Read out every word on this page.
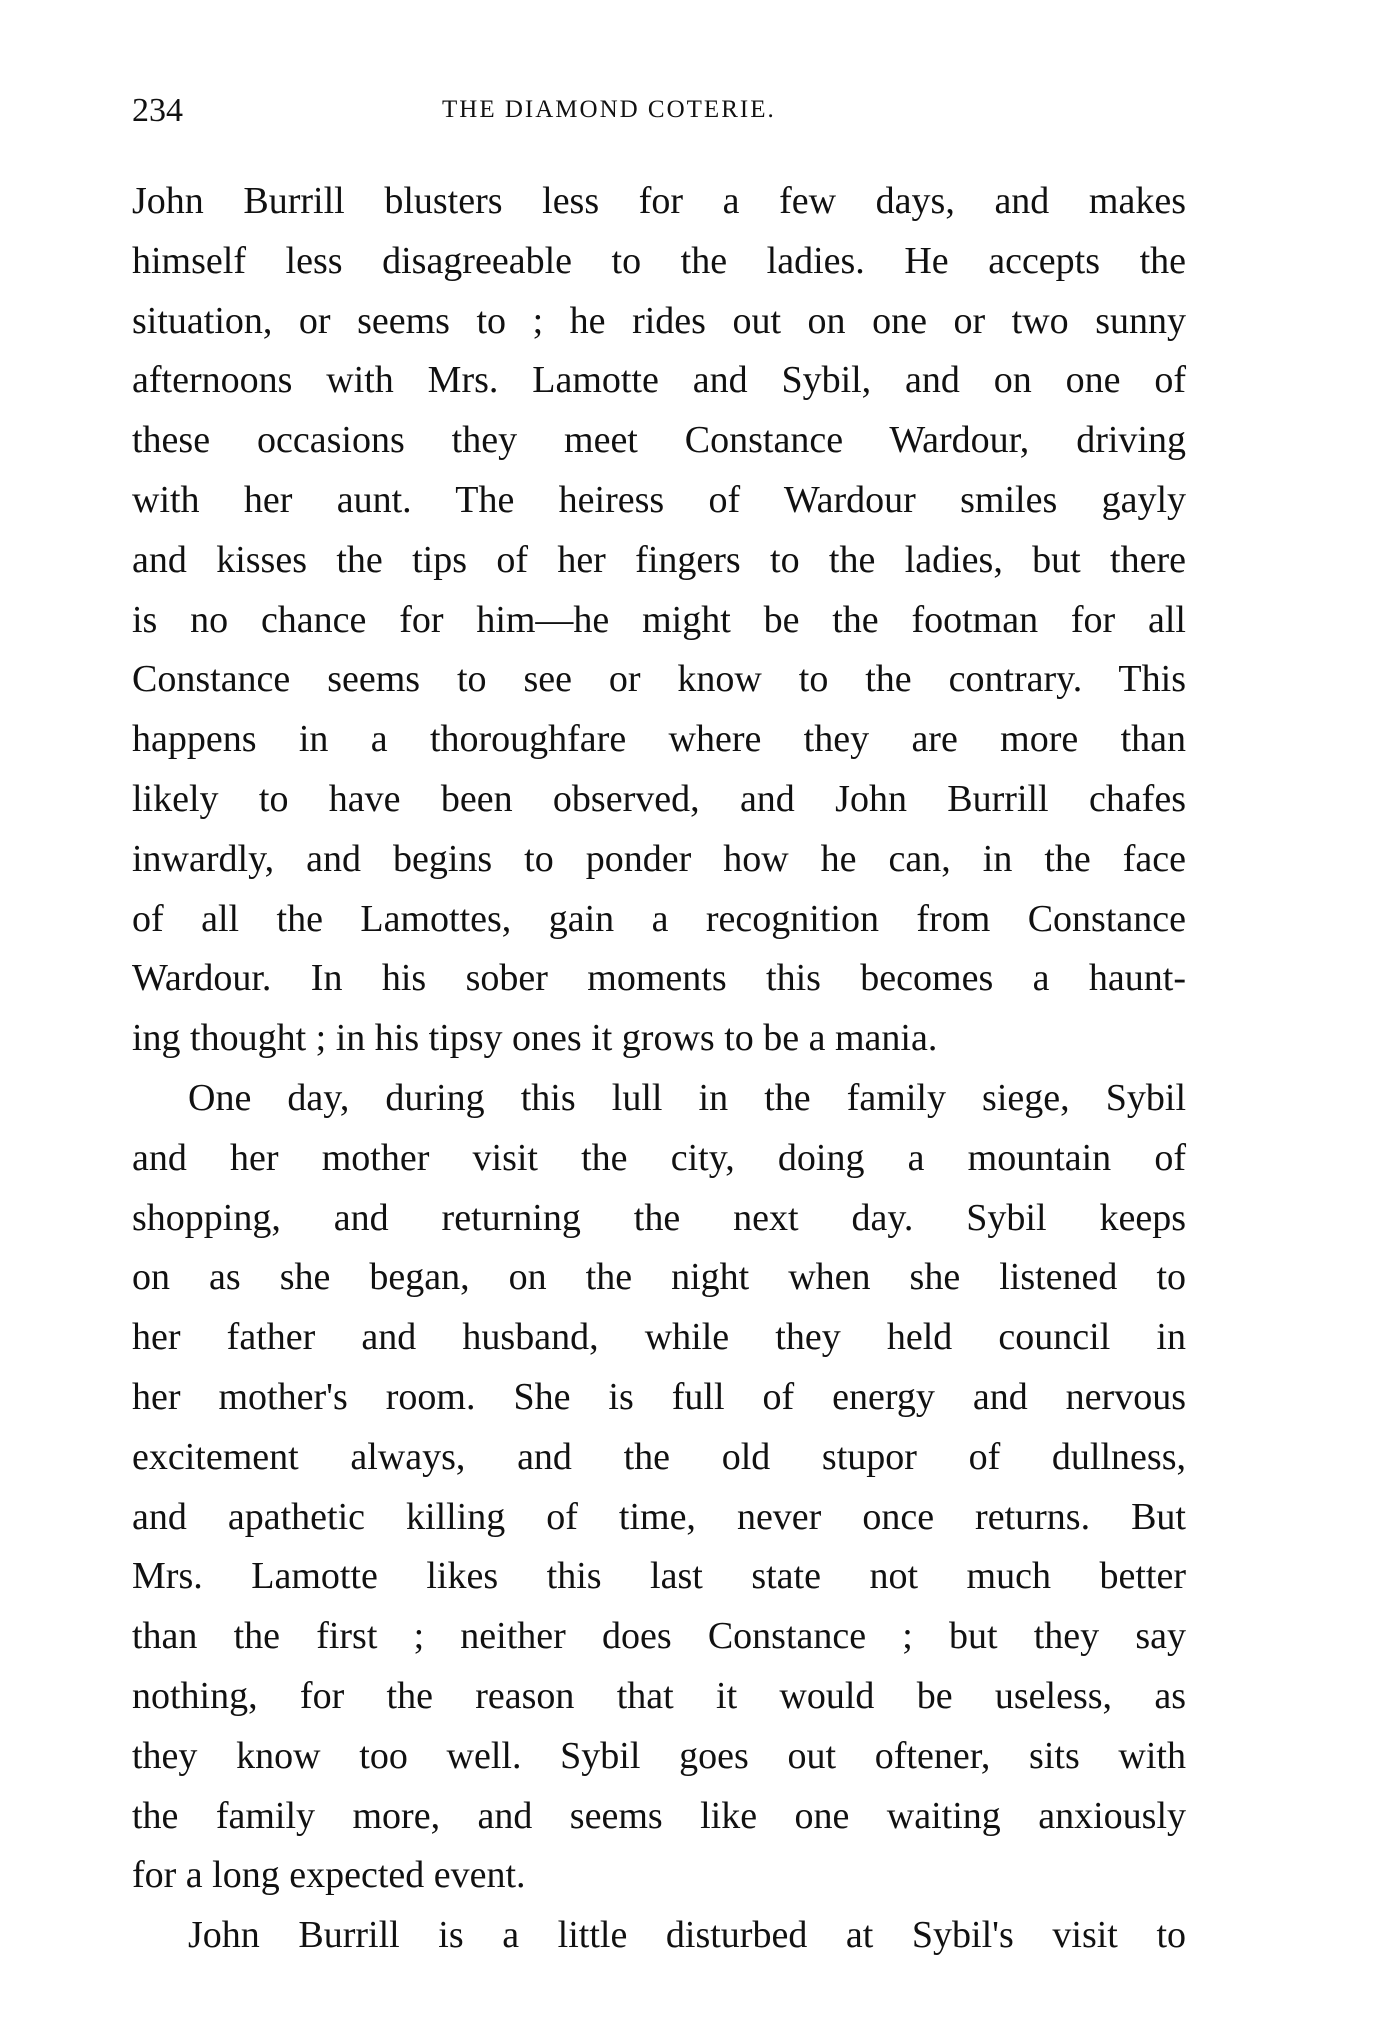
234	THE DIAMOND COTERIE.
John Burrill blusters less for a few days, and makes
himself less disagreeable to the ladies. He accepts the
situation, or seems to ; he rides out on one or two sunny
afternoons with Mrs. Lamotte and Sybil, and on one of
these occasions they meet Constance Wardour, driving
with her aunt. The heiress of Wardour smiles gayly
and kisses the tips of her fingers to the ladies, but there
is no chance for him—he might be the footman for all
Constance seems to see or know to the contrary. This
happens in a thoroughfare where they are more than
likely to have been observed, and John Burrill chafes
inwardly, and begins to ponder how he can, in the face
of all the Lamottes, gain a recognition from Constance
Wardour. In his sober moments this becomes a haunt-
ing thought ; in his tipsy ones it grows to be a mania.
One day, during this lull in the family siege, Sybil
and her mother visit the city, doing a mountain of
shopping, and returning the next day. Sybil keeps
on as she began, on the night when she listened to
her father and husband, while they held council in
her mother's room. She is full of energy and nervous
excitement always, and the old stupor of dullness,
and apathetic killing of time, never once returns. But
Mrs. Lamotte likes this last state not much better
than the first ; neither does Constance ; but they say
nothing, for the reason that it would be useless, as
they know too well. Sybil goes out oftener, sits with
the family more, and seems like one waiting anxiously
for a long expected event.
John Burrill is a little disturbed at Sybil's visit to
